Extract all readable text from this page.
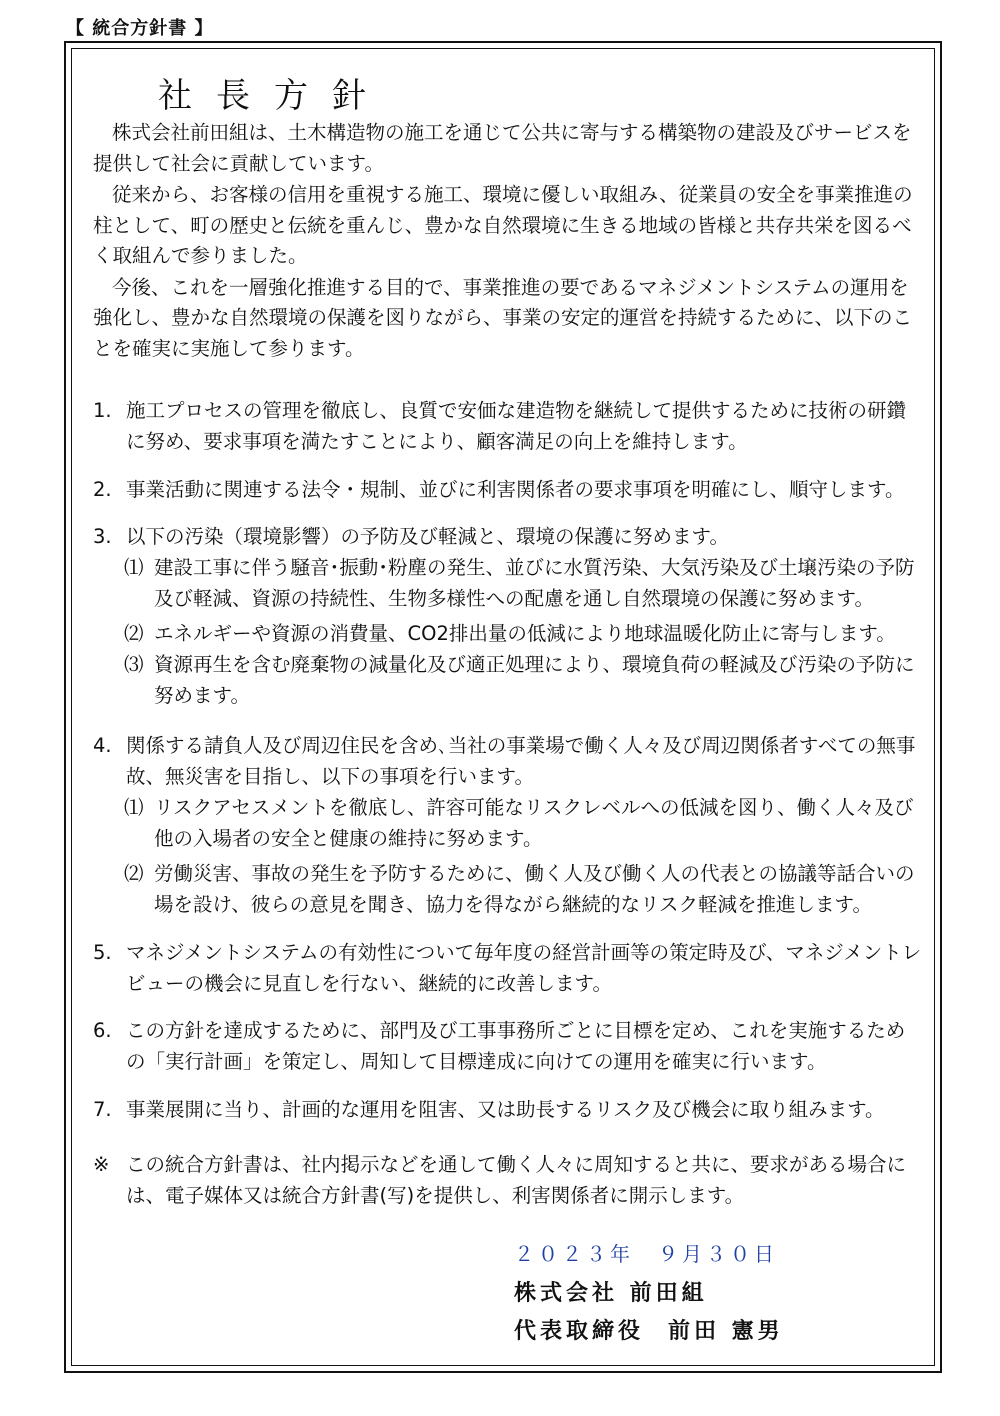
【 統合方針書 】
社長方針

株式会社前田組は、土木構造物の施工を通じて公共に寄与する構築物の建設及びサービスを提供して社会に貢献しています。

従来から、お客様の信用を重視する施工、環境に優しい取組み、従業員の安全を事業推進の柱として、町の歴史と伝統を重んじ、豊かな自然環境に生きる地域の皆様と共存共栄を図るべく取組んで参りました。

今後、これを一層強化推進する目的で、事業推進の要であるマネジメントシステムの運用を強化し、豊かな自然環境の保護を図りながら、事業の安定的運営を持続するために、以下のことを確実に実施して参ります。

1. 施工プロセスの管理を徹底し、良質で安価な建造物を継続して提供するために技術の研鑽に努め、要求事項を満たすことにより、顧客満足の向上を維持します。
2. 事業活動に関連する法令・規制、並びに利害関係者の要求事項を明確にし、順守します。
3. 以下の汚染（環境影響）の予防及び軽減と、環境の保護に努めます。
⑴ 建設工事に伴う騒音･振動･粉塵の発生、並びに水質汚染、大気汚染及び土壌汚染の予防及び軽減、資源の持続性、生物多様性への配慮を通し自然環境の保護に努めます。
⑵ エネルギーや資源の消費量、CO2排出量の低減により地球温暖化防止に寄与します。
⑶ 資源再生を含む廃棄物の減量化及び適正処理により、環境負荷の軽減及び汚染の予防に努めます。
4. 関係する請負人及び周辺住民を含め､当社の事業場で働く人々及び周辺関係者すべての無事故、無災害を目指し、以下の事項を行います。
⑴ リスクアセスメントを徹底し、許容可能なリスクレベルへの低減を図り、働く人々及び他の入場者の安全と健康の維持に努めます。
⑵ 労働災害、事故の発生を予防するために、働く人及び働く人の代表との協議等話合いの場を設け、彼らの意見を聞き、協力を得ながら継続的なリスク軽減を推進します。
5. マネジメントシステムの有効性について毎年度の経営計画等の策定時及び、マネジメントレビューの機会に見直しを行ない、継続的に改善します。
6. この方針を達成するために、部門及び工事事務所ごとに目標を定め、これを実施するための「実行計画」を策定し、周知して目標達成に向けての運用を確実に行います。
7. 事業展開に当り、計画的な運用を阻害、又は助長するリスク及び機会に取り組みます。
※ この統合方針書は、社内掲示などを通して働く人々に周知すると共に、要求がある場合には、電子媒体又は統合方針書(写)を提供し、利害関係者に開示します。
２０２３年　９月３０日
株式会社 前田組
代表取締役 前田 憲男
